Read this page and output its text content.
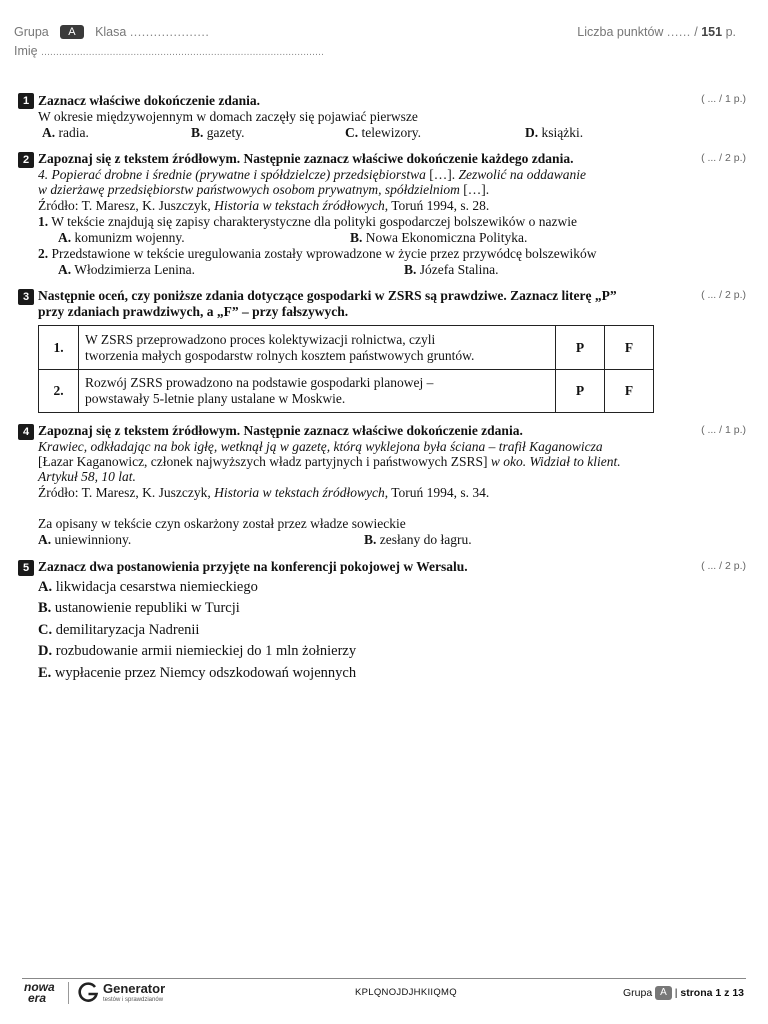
Grupa A Klasa ....................	Liczba punktów ...... / 151 p.
Imię ...............................................................................................
1	( ... / 1 p.)
Zaznacz właściwe dokończenie zdania.
W okresie międzywojennym w domach zaczęły się pojawiać pierwsze
A. radia.	B. gazety.	C. telewizory.	D. książki.
2	( ... / 2 p.)
Zapoznaj się z tekstem źródłowym. Następnie zaznacz właściwe dokończenie każdego zdania.
4. Popierać drobne i średnie (prywatne i spółdzielcze) przedsiębiorstwa […]. Zezwolić na oddawanie
w dzierżawę przedsiębiorstw państwowych osobom prywatnym, spółdzielniom […].
Źródło: T. Maresz, K. Juszczyk, Historia w tekstach źródłowych, Toruń 1994, s. 28.
1. W tekście znajdują się zapisy charakterystyczne dla polityki gospodarczej bolszewików o nazwie
A. komunizm wojenny.	B. Nowa Ekonomiczna Polityka.
2. Przedstawione w tekście uregulowania zostały wprowadzone w życie przez przywódcę bolszewików
A. Włodzimierza Lenina.	B. Józefa Stalina.
3	( ... / 2 p.)
Następnie oceń, czy poniższe zdania dotyczące gospodarki w ZSRS są prawdziwe. Zaznacz literę „P”
przy zdaniach prawdziwych, a „F” – przy fałszywych.
1.	W ZSRS przeprowadzono proces kolektywizacji rolnictwa, czyli
tworzenia małych gospodarstw rolnych kosztem państwowych gruntów.	P	F
2.	Rozwój ZSRS prowadzono na podstawie gospodarki planowej –
powstawały 5-letnie plany ustalane w Moskwie.	P	F
4	( ... / 1 p.)
Zapoznaj się z tekstem źródłowym. Następnie zaznacz właściwe dokończenie zdania.
Krawiec, odkładając na bok igłę, wetknął ją w gazetę, którą wyklejona była ściana – trafił Kaganowicza
[Łazar Kaganowicz, członek najwyższych władz partyjnych i państwowych ZSRS] w oko. Widział to klient.
Artykuł 58, 10 lat.
Źródło: T. Maresz, K. Juszczyk, Historia w tekstach źródłowych, Toruń 1994, s. 34.
Za opisany w tekście czyn oskarżony został przez władze sowieckie
A. uniewinniony.	B. zesłany do łagru.
5	( ... / 2 p.)
Zaznacz dwa postanowienia przyjęte na konferencji pokojowej w Wersalu.
A. likwidacja cesarstwa niemieckiego
B. ustanowienie republiki w Turcji
C. demilitaryzacja Nadrenii
D. rozbudowanie armii niemieckiej do 1 mln żołnierzy
E. wypłacenie przez Niemcy odszkodowań wojennych
nowa
era
Generator
testów i sprawdzianów
KPLQNOJDJHKIIQMQ	Grupa A | strona 1 z 13
